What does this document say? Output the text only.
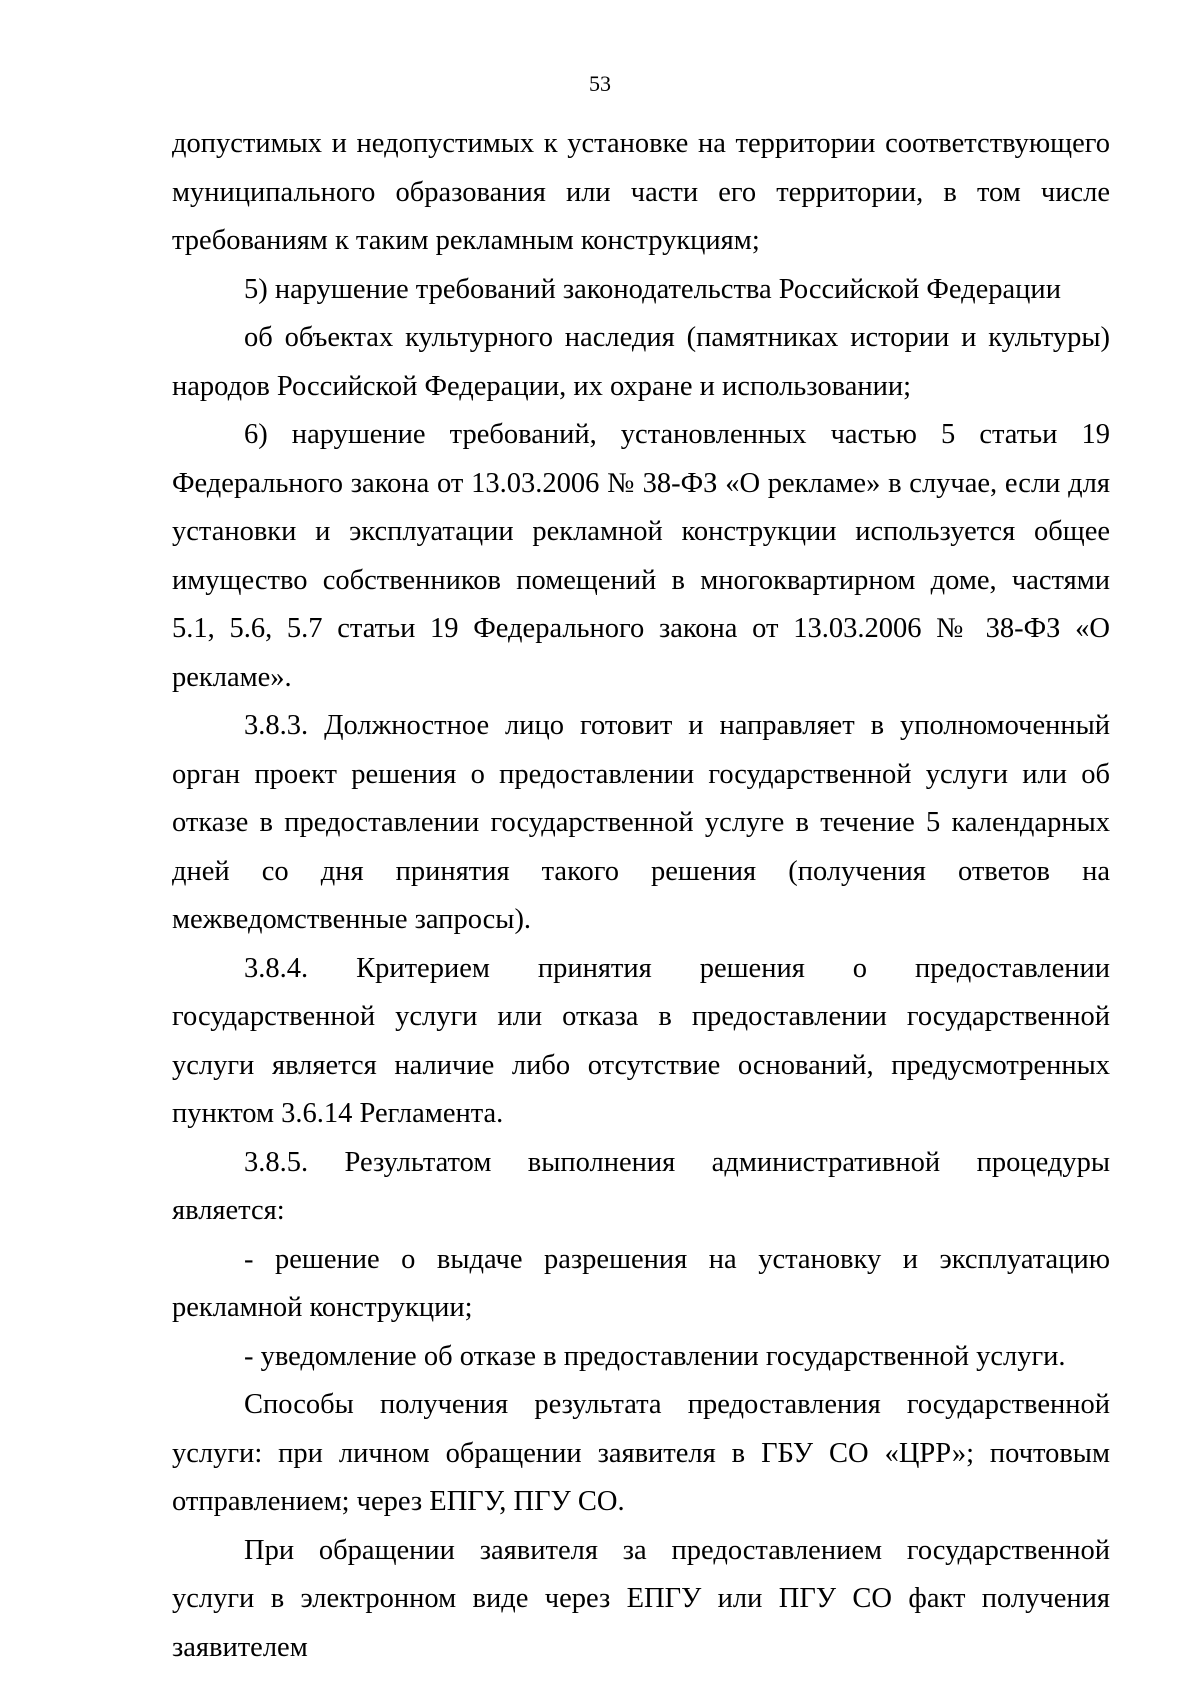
53

допустимых и недопустимых к установке на территории соответствующего муниципального образования или части его территории, в том числе требованиям к таким рекламным конструкциям;

5) нарушение требований законодательства Российской Федерации

об объектах культурного наследия (памятниках истории и культуры) народов Российской Федерации, их охране и использовании;

6) нарушение требований, установленных частью 5 статьи 19 Федерального закона от 13.03.2006 № 38-ФЗ «О рекламе» в случае, если для установки и эксплуатации рекламной конструкции используется общее имущество собственников помещений в многоквартирном доме, частями 5.1, 5.6, 5.7 статьи 19 Федерального закона от 13.03.2006 № 38-ФЗ «О рекламе».

3.8.3. Должностное лицо готовит и направляет в уполномоченный орган проект решения о предоставлении государственной услуги или об отказе в предоставлении государственной услуге в течение 5 календарных дней со дня принятия такого решения (получения ответов на межведомственные запросы).

3.8.4. Критерием принятия решения о предоставлении государственной услуги или отказа в предоставлении государственной услуги является наличие либо отсутствие оснований, предусмотренных пунктом 3.6.14 Регламента.

3.8.5. Результатом выполнения административной процедуры является:

- решение о выдаче разрешения на установку и эксплуатацию рекламной конструкции;

- уведомление об отказе в предоставлении государственной услуги.

Способы получения результата предоставления государственной услуги: при личном обращении заявителя в ГБУ СО «ЦРР»; почтовым отправлением; через ЕПГУ, ПГУ СО.

При обращении заявителя за предоставлением государственной услуги в электронном виде через ЕПГУ или ПГУ СО факт получения заявителем
